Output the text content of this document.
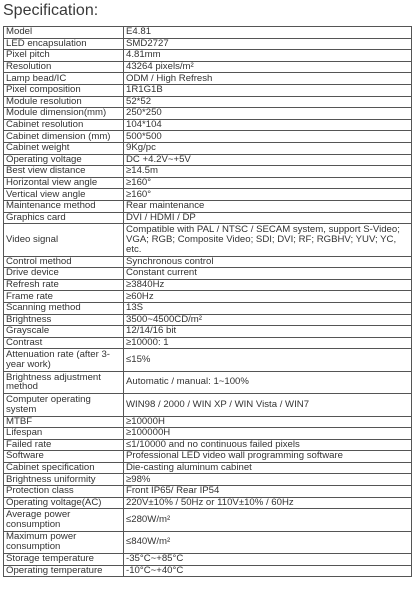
Specification:
Model	E4.81
LED encapsulation	SMD2727
Pixel pitch	4.81mm
Resolution	43264 pixels/m²
Lamp bead/IC	ODM / High Refresh
Pixel composition	1R1G1B
Module resolution	52*52
Module dimension(mm)	250*250
Cabinet resolution	104*104
Cabinet dimension (mm)	500*500
Cabinet weight	9Kg/pc
Operating voltage	DC +4.2V~+5V
Best view distance	≥14.5m
Horizontal view angle	≥160°
Vertical view angle	≥160°
Maintenance method	Rear maintenance
Graphics card	DVI / HDMI / DP
Video signal	Compatible with PAL / NTSC / SECAM system, support S-Video; VGA; RGB; Composite Video; SDI; DVI; RF; RGBHV; YUV; YC, etc.
Control method	Synchronous control
Drive device	Constant current
Refresh rate	≥3840Hz
Frame rate	≥60Hz
Scanning method	13S
Brightness	3500~4500CD/m²
Grayscale	12/14/16 bit
Contrast	≥10000: 1
Attenuation rate (after 3-year work)	≤15%
Brightness adjustment method	Automatic / manual: 1~100%
Computer operating system	WIN98 / 2000 / WIN XP / WIN Vista / WIN7
MTBF	≥10000H
Lifespan	≥100000H
Failed rate	≤1/10000 and no continuous failed pixels
Software	Professional LED video wall programming software
Cabinet specification	Die-casting aluminum cabinet
Brightness uniformity	≥98%
Protection class	Front IP65/ Rear IP54
Operating voltage(AC)	220V±10% / 50Hz or 110V±10% / 60Hz
Average power consumption	≤280W/m²
Maximum power consumption	≤840W/m²
Storage temperature	-35°C~+85°C
Operating temperature	-10°C~+40°C
